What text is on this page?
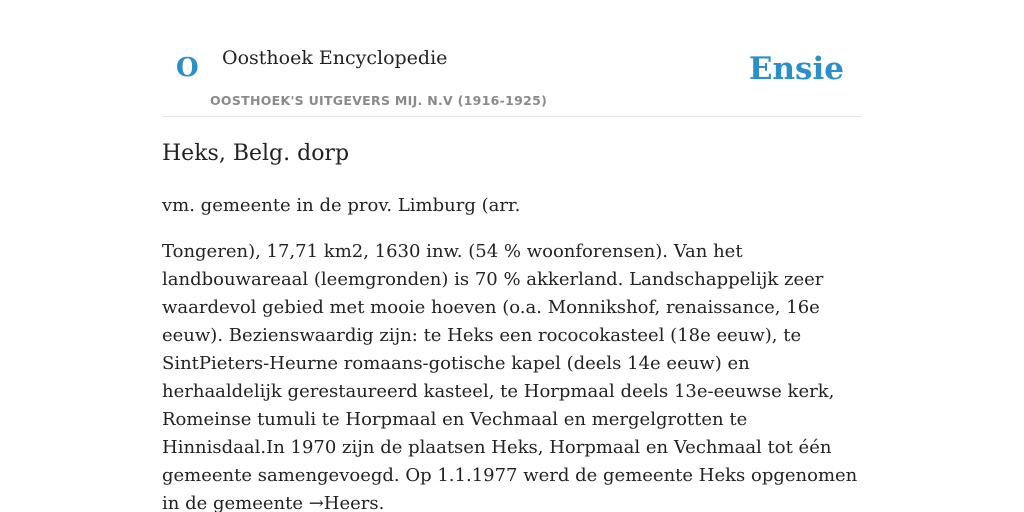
O Oosthoek Encyclopedie
OOSTHOEK'S UITGEVERS MIJ. N.V (1916-1925)
Ensie
Heks, Belg. dorp

vm. gemeente in de prov. Limburg (arr.

Tongeren), 17,71 km2, 1630 inw. (54 % woonforensen). Van het landbouwareaal (leemgronden) is 70 % akkerland. Landschappelijk zeer waardevol gebied met mooie hoeven (o.a. Monnikshof, renaissance, 16e eeuw). Bezienswaardig zijn: te Heks een rococokasteel (18e eeuw), te SintPieters-Heurne romaans-gotische kapel (deels 14e eeuw) en herhaaldelijk gerestaureerd kasteel, te Horpmaal deels 13e-eeuwse kerk, Romeinse tumuli te Horpmaal en Vechmaal en mergelgrotten te Hinnisdaal.In 1970 zijn de plaatsen Heks, Horpmaal en Vechmaal tot één gemeente samengevoegd. Op 1.1.1977 werd de gemeente Heks opgenomen in de gemeente →Heers.
